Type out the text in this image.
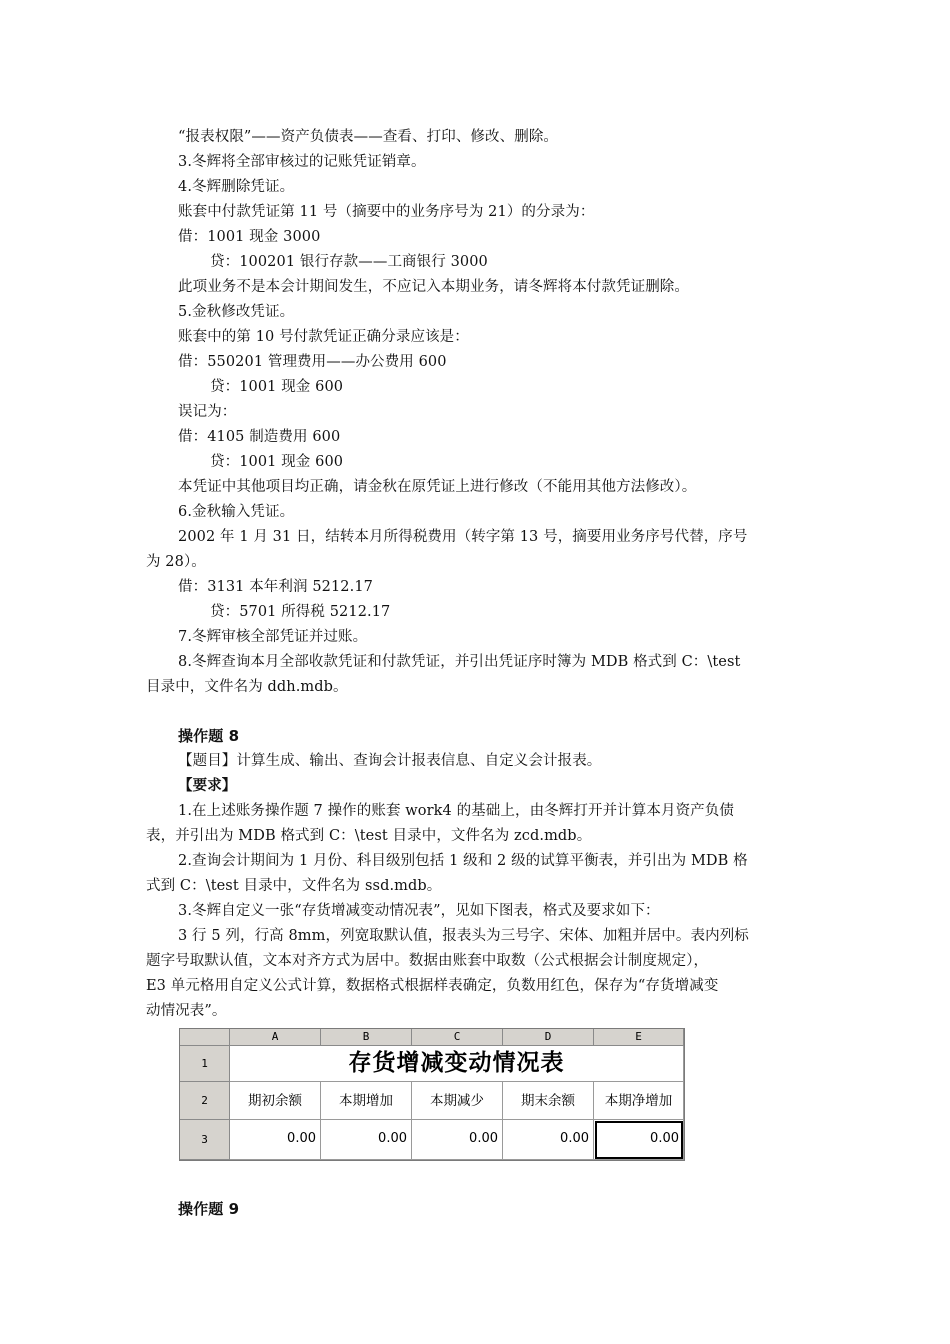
“报表权限”——资产负债表——查看、打印、修改、删除。
3.冬辉将全部审核过的记账凭证销章。
4.冬辉删除凭证。
账套中付款凭证第 11 号（摘要中的业务序号为 21）的分录为：
借：1001 现金 3000
贷：100201 银行存款——工商银行 3000
此项业务不是本会计期间发生，不应记入本期业务，请冬辉将本付款凭证删除。
5.金秋修改凭证。
账套中的第 10 号付款凭证正确分录应该是：
借：550201 管理费用——办公费用 600
贷：1001 现金 600
误记为：
借：4105 制造费用 600
贷：1001 现金 600
本凭证中其他项目均正确，请金秋在原凭证上进行修改（不能用其他方法修改）。
6.金秋输入凭证。
2002 年 1 月 31 日，结转本月所得税费用（转字第 13 号，摘要用业务序号代替，序号
为 28）。
借：3131 本年利润 5212.17
贷：5701 所得税 5212.17
7.冬辉审核全部凭证并过账。
8.冬辉查询本月全部收款凭证和付款凭证，并引出凭证序时簿为 MDB 格式到 C：\test
目录中，文件名为 ddh.mdb。
操作题 8
【题目】计算生成、输出、查询会计报表信息、自定义会计报表。
【要求】
1.在上述账务操作题 7 操作的账套 work4 的基础上，由冬辉打开并计算本月资产负债
表，并引出为 MDB 格式到 C：\test 目录中，文件名为 zcd.mdb。
2.查询会计期间为 1 月份、科目级别包括 1 级和 2 级的试算平衡表，并引出为 MDB 格
式到 C：\test 目录中，文件名为 ssd.mdb。
3.冬辉自定义一张“存货增减变动情况表”，见如下图表，格式及要求如下：
3 行 5 列，行高 8mm，列宽取默认值，报表头为三号字、宋体、加粗并居中。表内列标
题字号取默认值，文本对齐方式为居中。数据由账套中取数（公式根据会计制度规定），
E3 单元格用自定义公式计算，数据格式根据样表确定，负数用红色，保存为“存货增减变
动情况表”。
A	B	C	D	E
1
2
3
存货增减变动情况表
期初余额	本期增加	本期减少	期末余额	本期净增加
0.00	0.00	0.00	0.00	0.00
操作题 9
